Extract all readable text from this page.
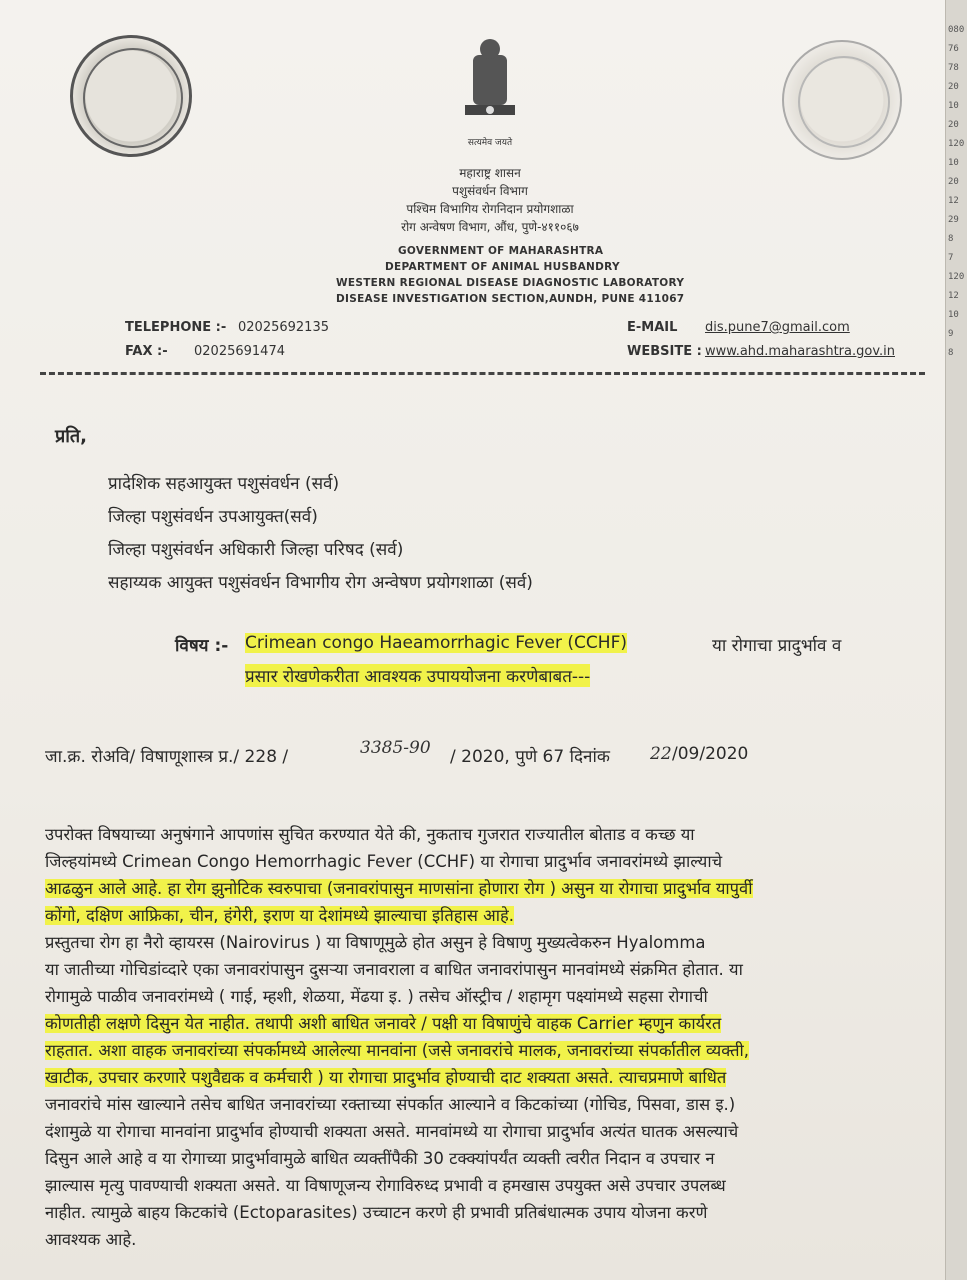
080
76
78
20
10
20
120
10
20
12
29
8
7
120
12
10
9
8
सत्यमेव जयते
महाराष्ट्र शासन
पशुसंवर्धन विभाग
पश्चिम विभागिय रोगनिदान प्रयोगशाळा
रोग अन्वेषण विभाग, औंध, पुणे-४११०६७
GOVERNMENT OF MAHARASHTRA
DEPARTMENT OF ANIMAL HUSBANDRY
WESTERN REGIONAL DISEASE DIAGNOSTIC LABORATORY
DISEASE INVESTIGATION SECTION,AUNDH, PUNE 411067
TELEPHONE :- 02025692135
FAX :- 02025691474
E-MAIL dis.pune7@gmail.com
WEBSITE : www.ahd.maharashtra.gov.in
प्रति,
प्रादेशिक सहआयुक्त पशुसंवर्धन (सर्व)
जिल्हा पशुसंवर्धन उपआयुक्त(सर्व)
जिल्हा पशुसंवर्धन अधिकारी जिल्हा परिषद (सर्व)
सहाय्यक आयुक्त पशुसंवर्धन विभागीय रोग अन्वेषण प्रयोगशाळा (सर्व)
विषय :- Crimean congo Haeamorrhagic Fever (CCHF)	या रोगाचा प्रादुर्भाव व
प्रसार रोखणेकरीता आवश्यक उपाययोजना करणेबाबत---
जा.क्र. रोअवि/ विषाणूशास्त्र प्र./ 228 /	3385-90 / 2020, पुणे 67 दिनांक 22 /09/2020
उपरोक्त विषयाच्या अनुषंगाने आपणांस सुचित करण्यात येते की, नुकताच गुजरात राज्यातील बोताड व कच्छ या
जिल्हयांमध्ये Crimean Congo Hemorrhagic Fever (CCHF) या रोगाचा प्रादुर्भाव जनावरांमध्ये झाल्याचे
आढळुन आले आहे. हा रोग झुनोटिक स्वरुपाचा (जनावरांपासुन माणसांना होणारा रोग ) असुन या रोगाचा प्रादुर्भाव यापुर्वी
कोंगो, दक्षिण आफ्रिका, चीन, हंगेरी, इराण या देशांमध्ये झाल्याचा इतिहास आहे.
प्रस्तुतचा रोग हा नैरो व्हायरस (Nairovirus ) या विषाणूमुळे होत असुन हे विषाणु मुख्यत्वेकरुन Hyalomma
या जातीच्या गोचिडांव्दारे एका जनावरांपासुन दुसऱ्या जनावराला व बाधित जनावरांपासुन मानवांमध्ये संक्रमित होतात. या
रोगामुळे पाळीव जनावरांमध्ये ( गाई, म्हशी, शेळया, मेंढया इ. ) तसेच ऑस्ट्रीच / शहामृग पक्ष्यांमध्ये सहसा रोगाची
कोणतीही लक्षणे दिसुन येत नाहीत. तथापी अशी बाधित जनावरे / पक्षी या विषाणुंचे वाहक Carrier म्हणुन कार्यरत
राहतात. अशा वाहक जनावरांच्या संपर्कामध्ये आलेल्या मानवांना (जसे जनावरांचे मालक, जनावरांच्या संपर्कातील व्यक्ती,
खाटीक, उपचार करणारे पशुवैद्यक व कर्मचारी ) या रोगाचा प्रादुर्भाव होण्याची दाट शक्यता असते. त्याचप्रमाणे बाधित
जनावरांचे मांस खाल्याने तसेच बाधित जनावरांच्या रक्ताच्या संपर्कात आल्याने व किटकांच्या (गोचिड, पिसवा, डास इ.)
दंशामुळे या रोगाचा मानवांना प्रादुर्भाव होण्याची शक्यता असते. मानवांमध्ये या रोगाचा प्रादुर्भाव अत्यंत घातक असल्याचे
दिसुन आले आहे व या रोगाच्या प्रादुर्भावामुळे बाधित व्यक्तींपैकी 30 टक्क्यांपर्यंत व्यक्ती त्वरीत निदान व उपचार न
झाल्यास मृत्यु पावण्याची शक्यता असते. या विषाणूजन्य रोगाविरुध्द प्रभावी व हमखास उपयुक्त असे उपचार उपलब्ध
नाहीत. त्यामुळे बाहय किटकांचे (Ectoparasites) उच्चाटन करणे ही प्रभावी प्रतिबंधात्मक उपाय योजना करणे
आवश्यक आहे.
